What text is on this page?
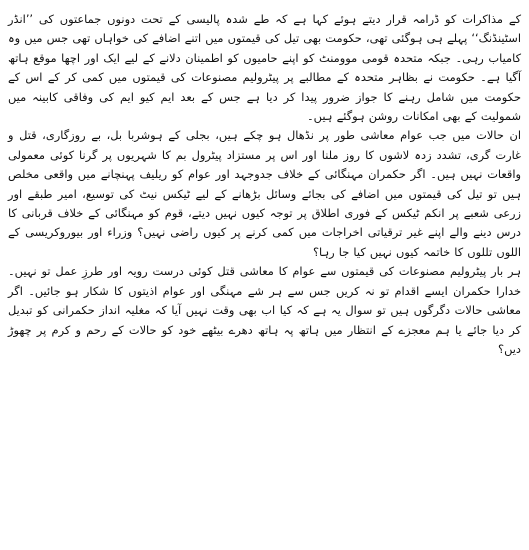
کے مذاکرات کو ڈرامہ قرار دیتے ہوئے کہا ہے کہ طے شدہ پالیسی کے تحت دونوں جماعتوں کی ’’انڈر اسٹینڈنگ‘‘ پہلے ہی ہوگئی تھی، حکومت بھی تیل کی قیمتوں میں اتنے اضافے کی خواہاں تھی جس میں وہ کامیاب رہی۔ جبکہ متحدہ قومی موومنٹ کو اپنے حامیوں کو اطمینان دلانے کے لیے ایک اور اچھا موقع ہاتھ آگیا ہے۔ حکومت نے بظاہر متحدہ کے مطالبے پر پیٹرولیم مصنوعات کی قیمتوں میں کمی کر کے اس کے حکومت میں شامل رہنے کا جواز ضرور پیدا کر دیا ہے جس کے بعد ایم کیو ایم کی وفاقی کابینہ میں شمولیت کے بھی امکانات روشن ہوگئے ہیں۔

ان حالات میں جب عوام معاشی طور پر نڈھال ہو چکے ہیں، بجلی کے ہوشربا بل، بے روزگاری، قتل و غارت گری، تشدد زدہ لاشوں کا روز ملنا اور اس پر مستزاد پیٹرول بم کا شہریوں پر گرنا کوئی معمولی واقعات نہیں ہیں۔ اگر حکمران مہنگائی کے خلاف جدوجہد اور عوام کو ریلیف پہنچانے میں واقعی مخلص ہیں تو تیل کی قیمتوں میں اضافے کی بجائے وسائل بڑھانے کے لیے ٹیکس نیٹ کی توسیع، امیر طبقے اور زرعی شعبے پر انکم ٹیکس کے فوری اطلاق پر توجہ کیوں نہیں دیتے، قوم کو مہنگائی کے خلاف قربانی کا درس دینے والے اپنے غیر ترقیاتی اخراجات میں کمی کرنے پر کیوں راضی نہیں؟ وزراء اور بیوروکریسی کے اللوں تللوں کا خاتمہ کیوں نہیں کیا جا رہا؟

ہر بار پیٹرولیم مصنوعات کی قیمتوں سے عوام کا معاشی قتل کوئی درست رویہ اور طرزِ عمل تو نہیں۔ خدارا حکمران ایسے اقدام تو نہ کریں جس سے ہر شے مہنگی اور عوام اذیتوں کا شکار ہو جائیں۔ اگر معاشی حالات دگرگوں ہیں تو سوال یہ ہے کہ کیا اب بھی وقت نہیں آیا کہ مغلیہ انداز حکمرانی کو تبدیل کر دیا جائے یا ہم معجزے کے انتظار میں ہاتھ پہ ہاتھ دھرے بیٹھے خود کو حالات کے رحم و کرم پر چھوڑ دیں؟
